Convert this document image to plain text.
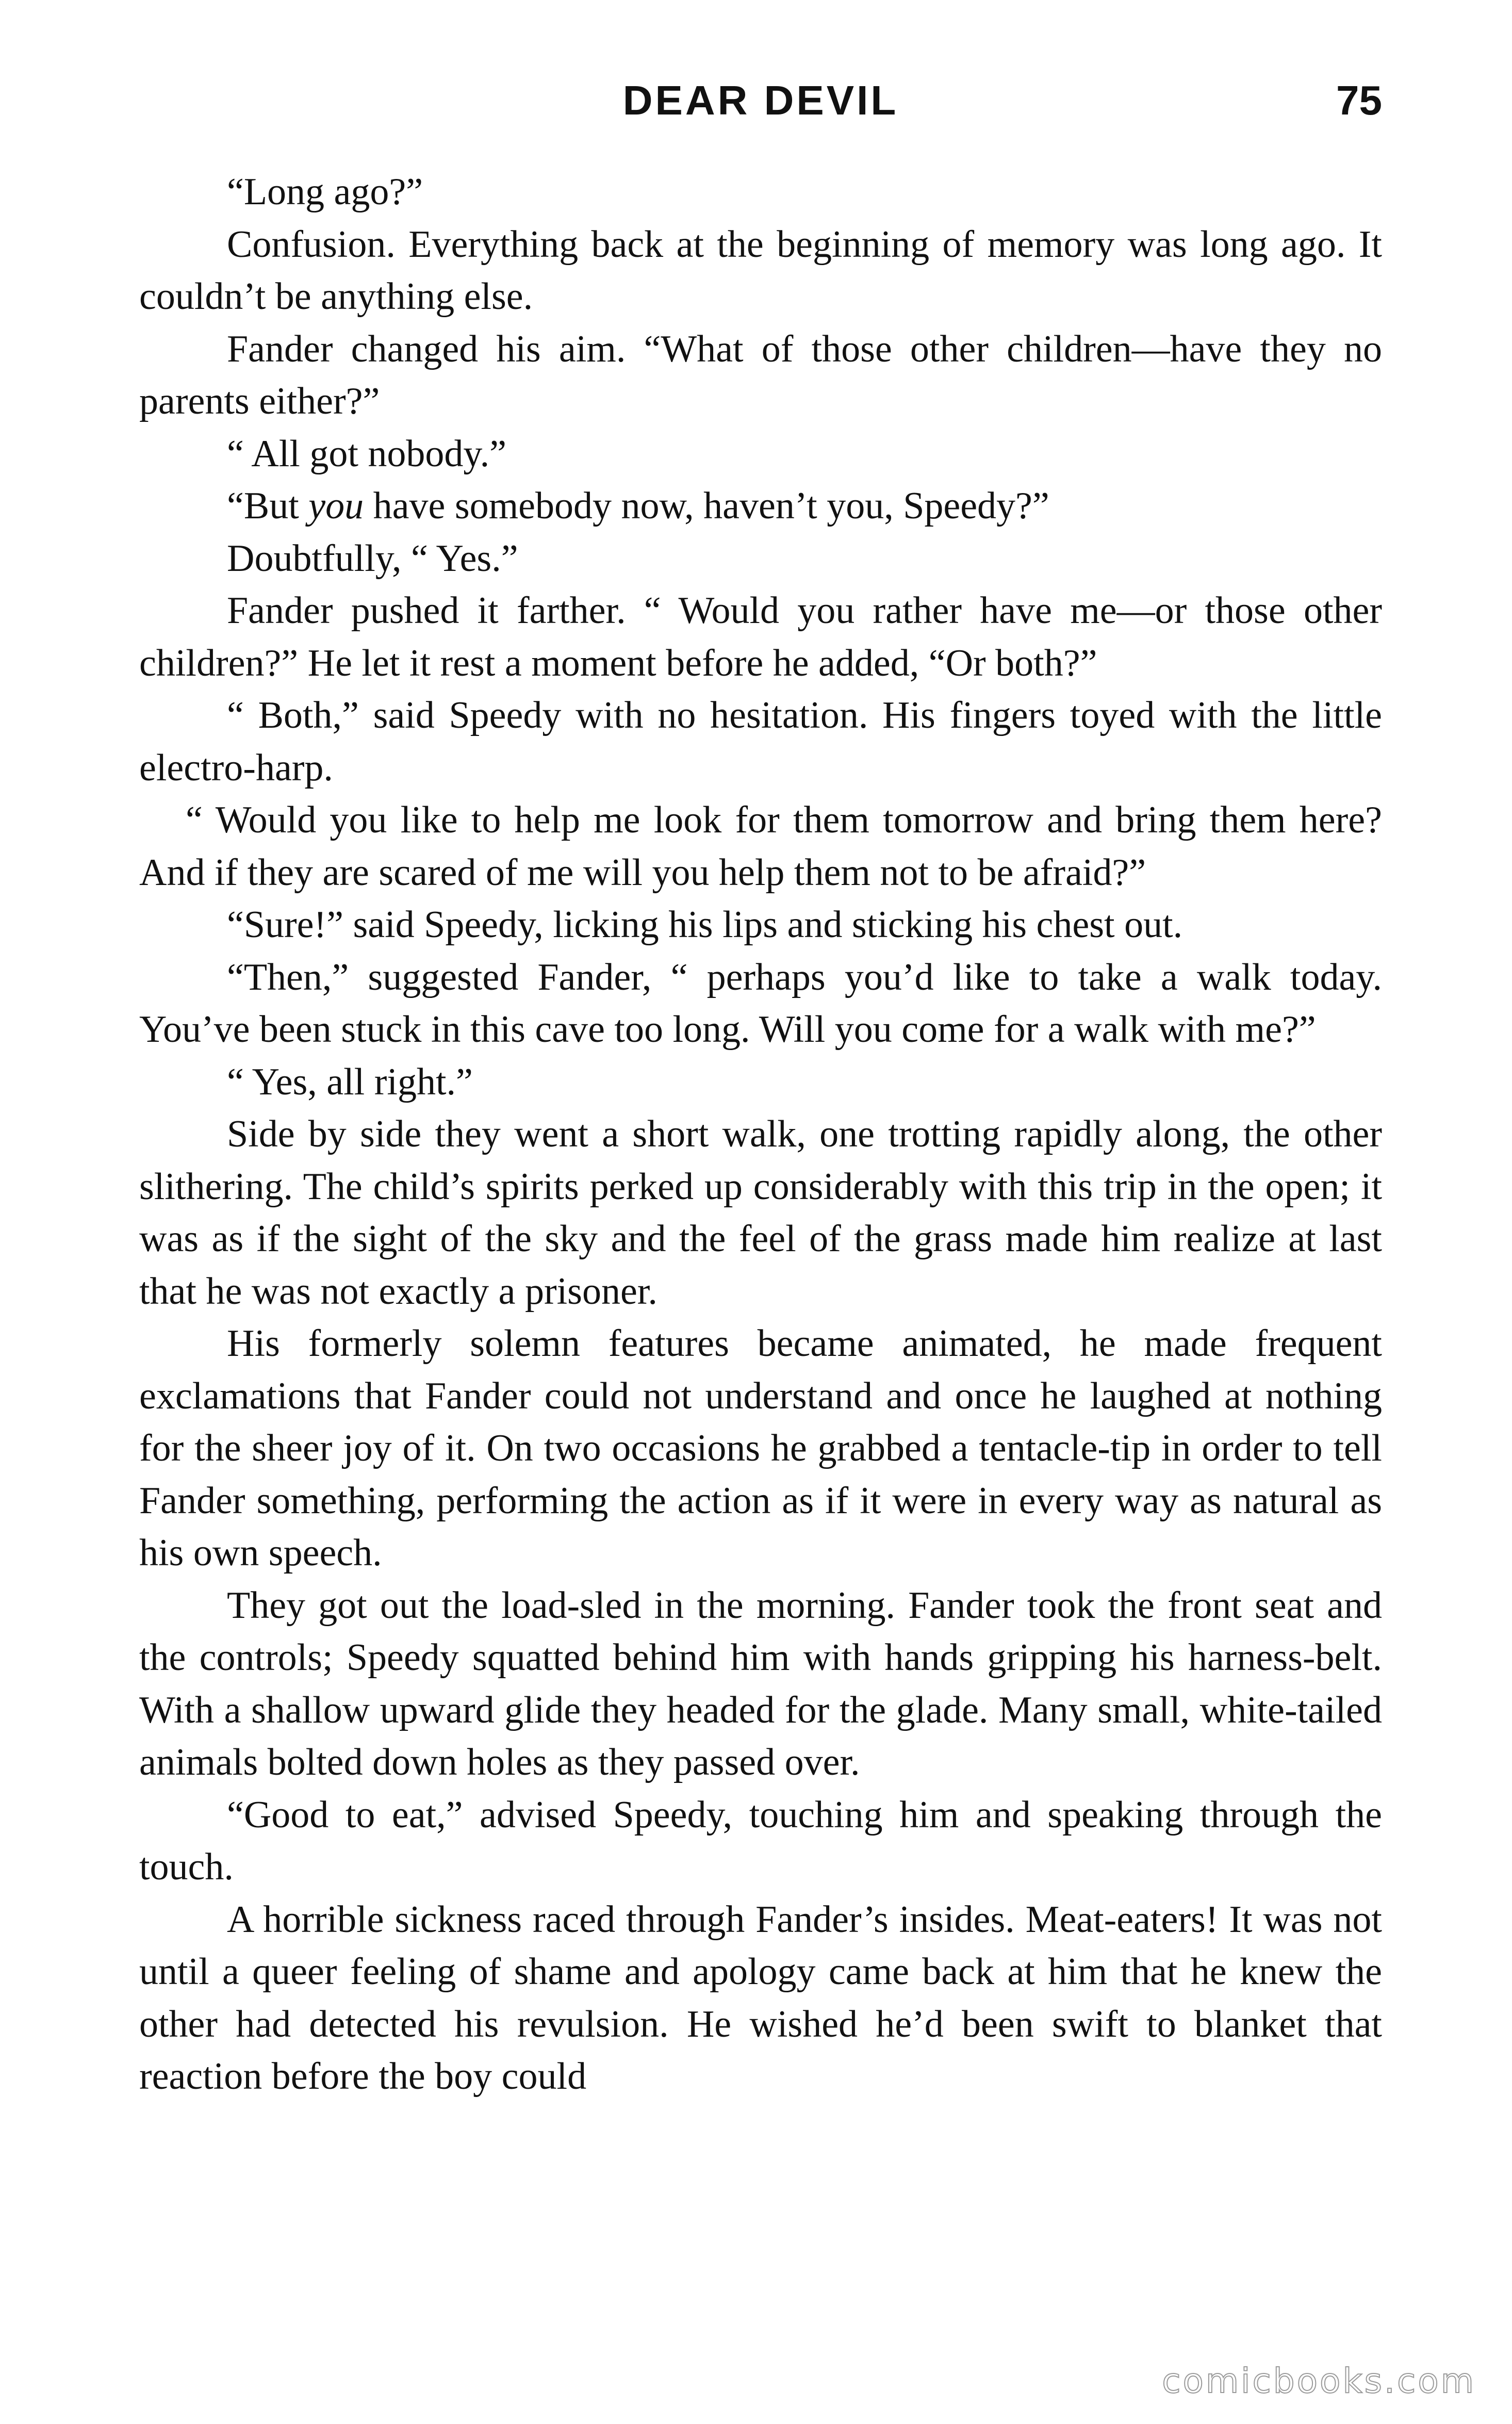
DEAR DEVIL	75

“Long ago?”

Confusion. Everything back at the beginning of memory was long ago. It couldn’t be anything else.

Fander changed his aim. “What of those other children—have they no parents either?”

“ All got nobody.”

“But you have somebody now, haven’t you, Speedy?”

Doubtfully, “ Yes.”

Fander pushed it farther. “ Would you rather have me—or those other children?” He let it rest a moment before he added, “Or both?”

“ Both,” said Speedy with no hesitation. His fingers toyed with the little electro-harp.

“ Would you like to help me look for them tomorrow and bring them here? And if they are scared of me will you help them not to be afraid?”

“Sure!” said Speedy, licking his lips and sticking his chest out.

“Then,” suggested Fander, “ perhaps you’d like to take a walk today. You’ve been stuck in this cave too long. Will you come for a walk with me?”

“ Yes, all right.”

Side by side they went a short walk, one trotting rapidly along, the other slithering. The child’s spirits perked up considerably with this trip in the open; it was as if the sight of the sky and the feel of the grass made him realize at last that he was not exactly a prisoner.

His formerly solemn features became animated, he made frequent exclamations that Fander could not understand and once he laughed at nothing for the sheer joy of it. On two occasions he grabbed a tentacle-tip in order to tell Fander something, performing the action as if it were in every way as natural as his own speech.

They got out the load-sled in the morning. Fander took the front seat and the controls; Speedy squatted behind him with hands gripping his harness-belt. With a shallow upward glide they headed for the glade. Many small, white-tailed animals bolted down holes as they passed over.

“Good to eat,” advised Speedy, touching him and speaking through the touch.

A horrible sickness raced through Fander’s insides. Meat-eaters! It was not until a queer feeling of shame and apology came back at him that he knew the other had detected his revulsion. He wished he’d been swift to blanket that reaction before the boy could

comicbooks.com
